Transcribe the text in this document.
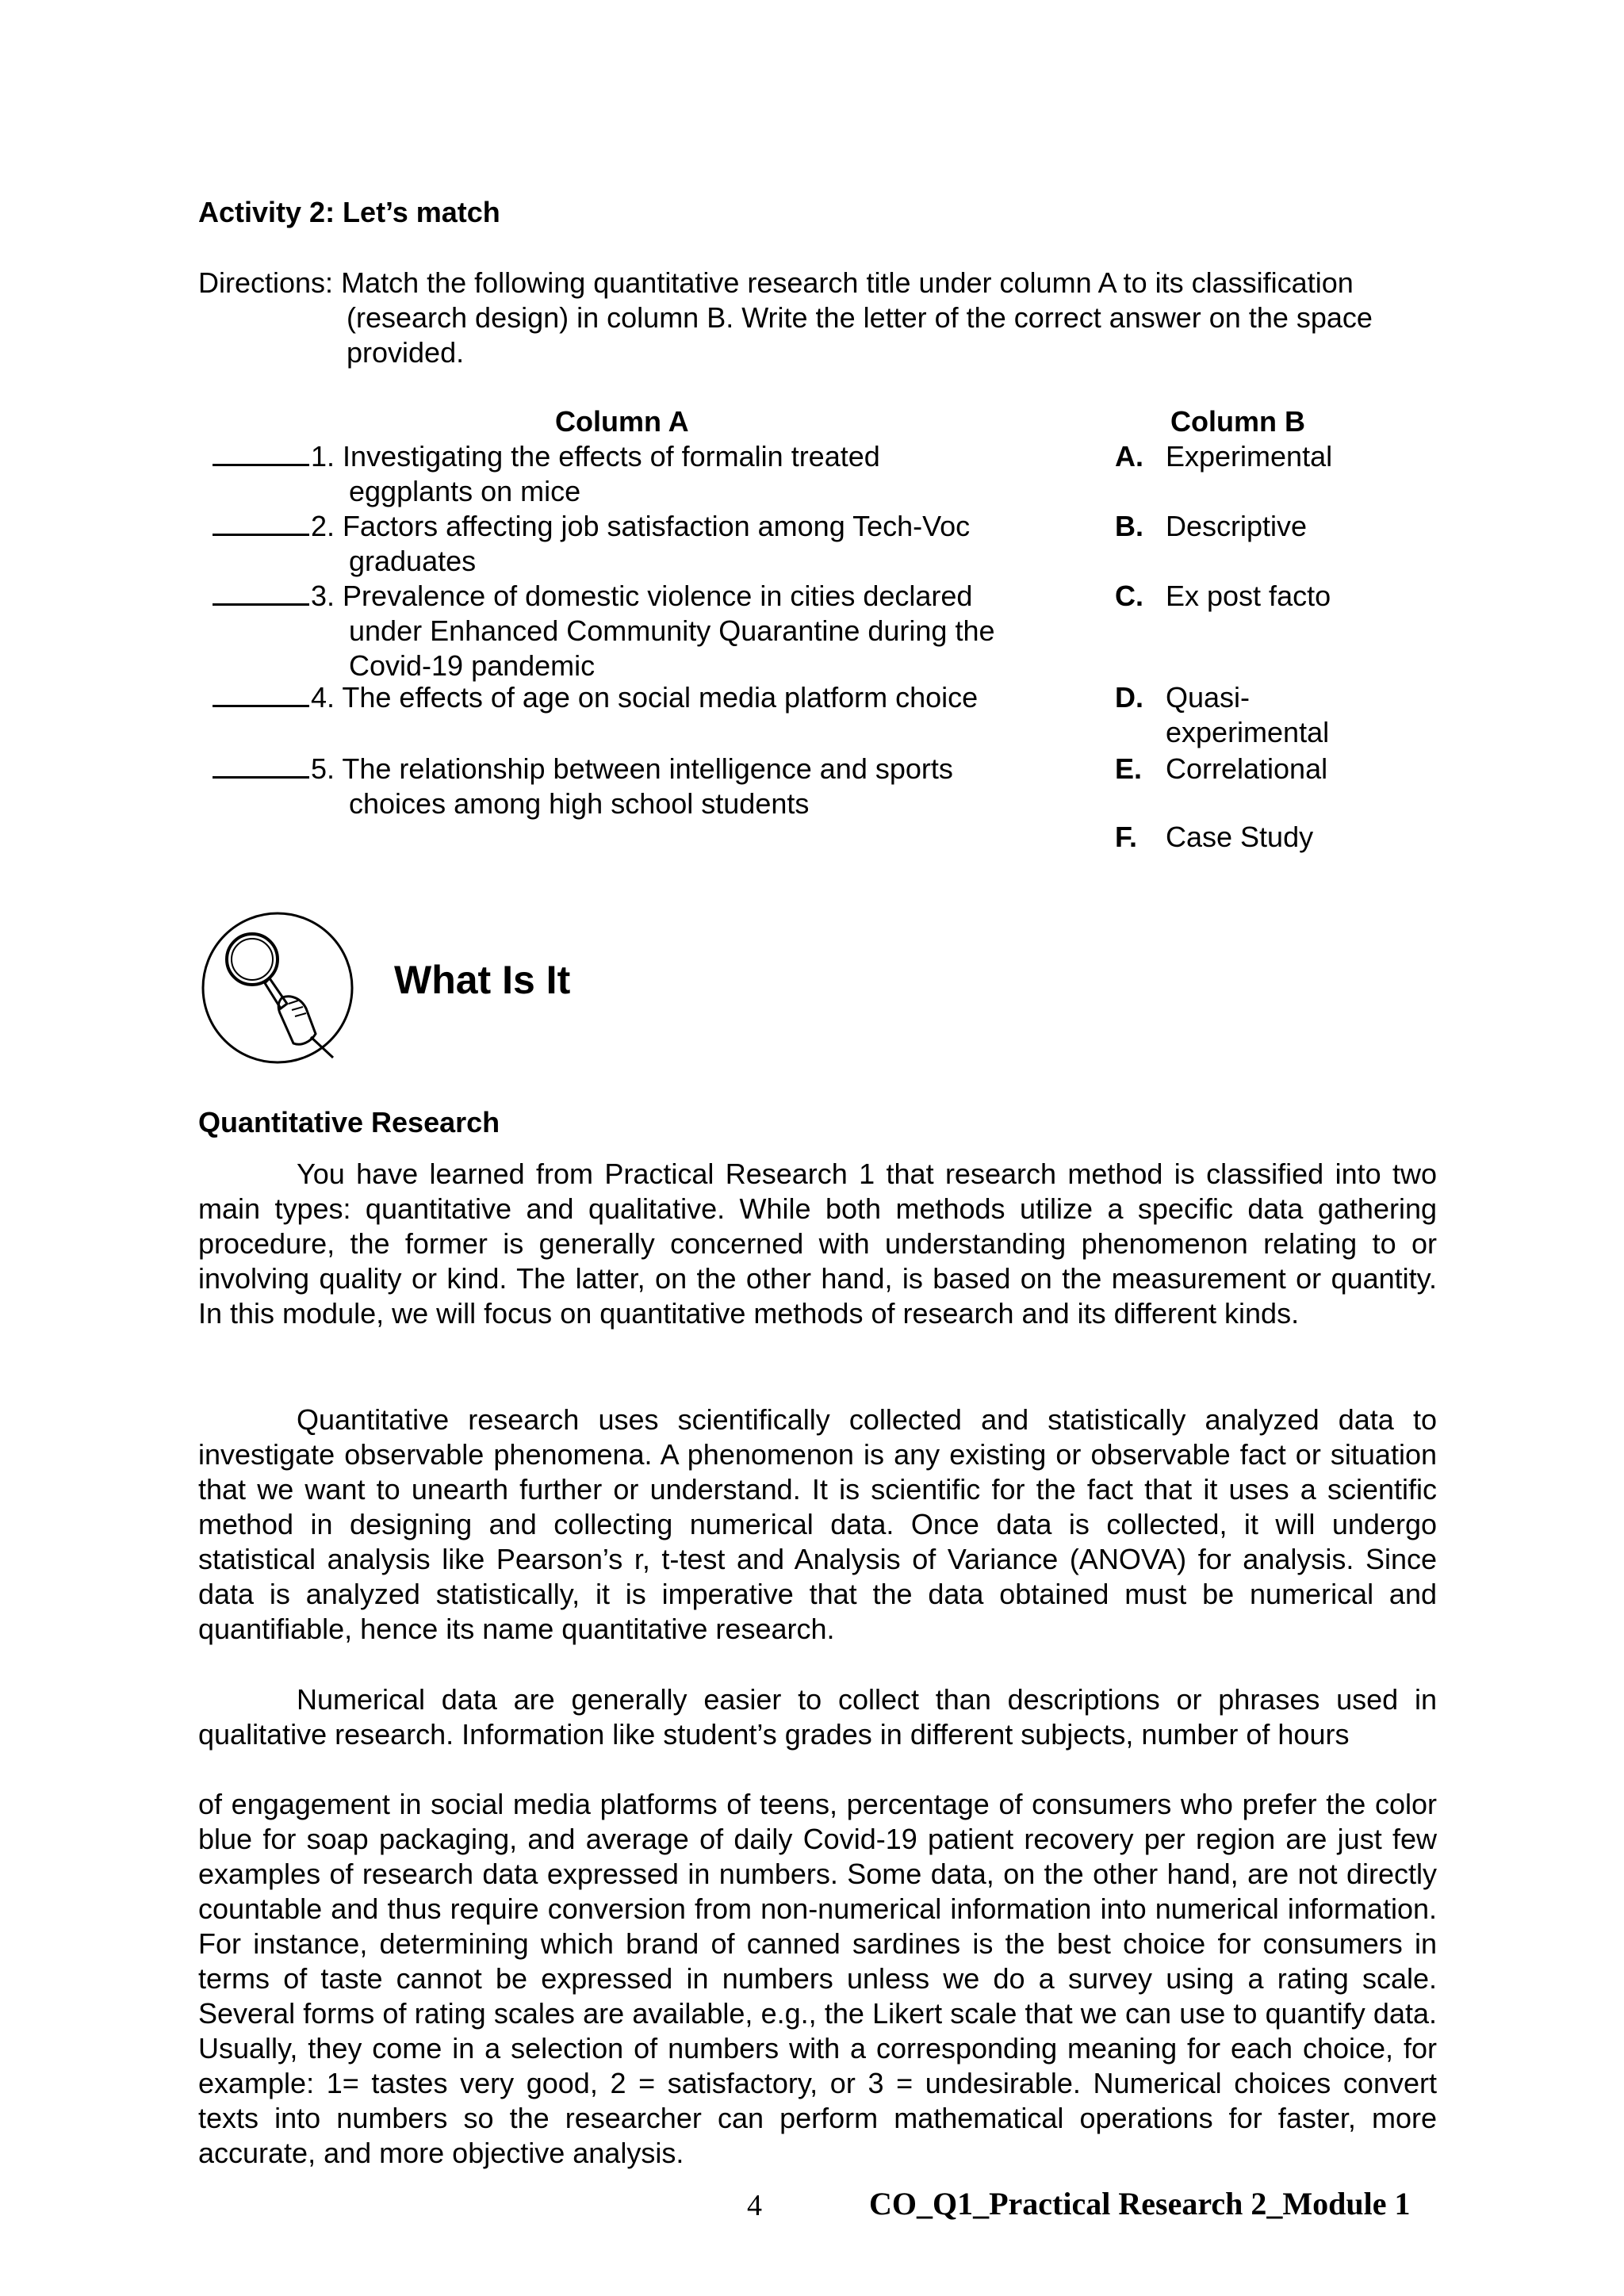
Activity 2: Let’s match
Directions: Match the following quantitative research title under column A to its classification
(research design) in column B. Write the letter of the correct answer on the space
provided.
Column A	Column B
1. Investigating the effects of formalin treated
eggplants on mice
2. Factors affecting job satisfaction among Tech-Voc
graduates
3. Prevalence of domestic violence in cities declared
under Enhanced Community Quarantine during the
Covid-19 pandemic
4. The effects of age on social media platform choice
5. The relationship between intelligence and sports
choices among high school students
A. Experimental
B. Descriptive
C. Ex post facto
D. Quasi-
experimental
E. Correlational
F. Case Study
What Is It
Quantitative Research

You have learned from Practical Research 1 that research method is classified into two main types: quantitative and qualitative. While both methods utilize a specific data gathering procedure, the former is generally concerned with understanding phenomenon relating to or involving quality or kind. The latter, on the other hand, is based on the measurement or quantity. In this module, we will focus on quantitative methods of research and its different kinds.

Quantitative research uses scientifically collected and statistically analyzed data to investigate observable phenomena. A phenomenon is any existing or observable fact or situation that we want to unearth further or understand. It is scientific for the fact that it uses a scientific method in designing and collecting numerical data. Once data is collected, it will undergo statistical analysis like Pearson’s r, t-test and Analysis of Variance (ANOVA) for analysis. Since data is analyzed statistically, it is imperative that the data obtained must be numerical and quantifiable, hence its name quantitative research.

Numerical data are generally easier to collect than descriptions or phrases used in qualitative research. Information like student’s grades in different subjects, number of hours

of engagement in social media platforms of teens, percentage of consumers who prefer the color blue for soap packaging, and average of daily Covid-19 patient recovery per region are just few examples of research data expressed in numbers. Some data, on the other hand, are not directly countable and thus require conversion from non-numerical information into numerical information. For instance, determining which brand of canned sardines is the best choice for consumers in terms of taste cannot be expressed in numbers unless we do a survey using a rating scale. Several forms of rating scales are available, e.g., the Likert scale that we can use to quantify data. Usually, they come in a selection of numbers with a corresponding meaning for each choice, for example: 1= tastes very good, 2 = satisfactory, or 3 = undesirable. Numerical choices convert texts into numbers so the researcher can perform mathematical operations for faster, more accurate, and more objective analysis.

4	CO_Q1_Practical Research 2_Module 1
